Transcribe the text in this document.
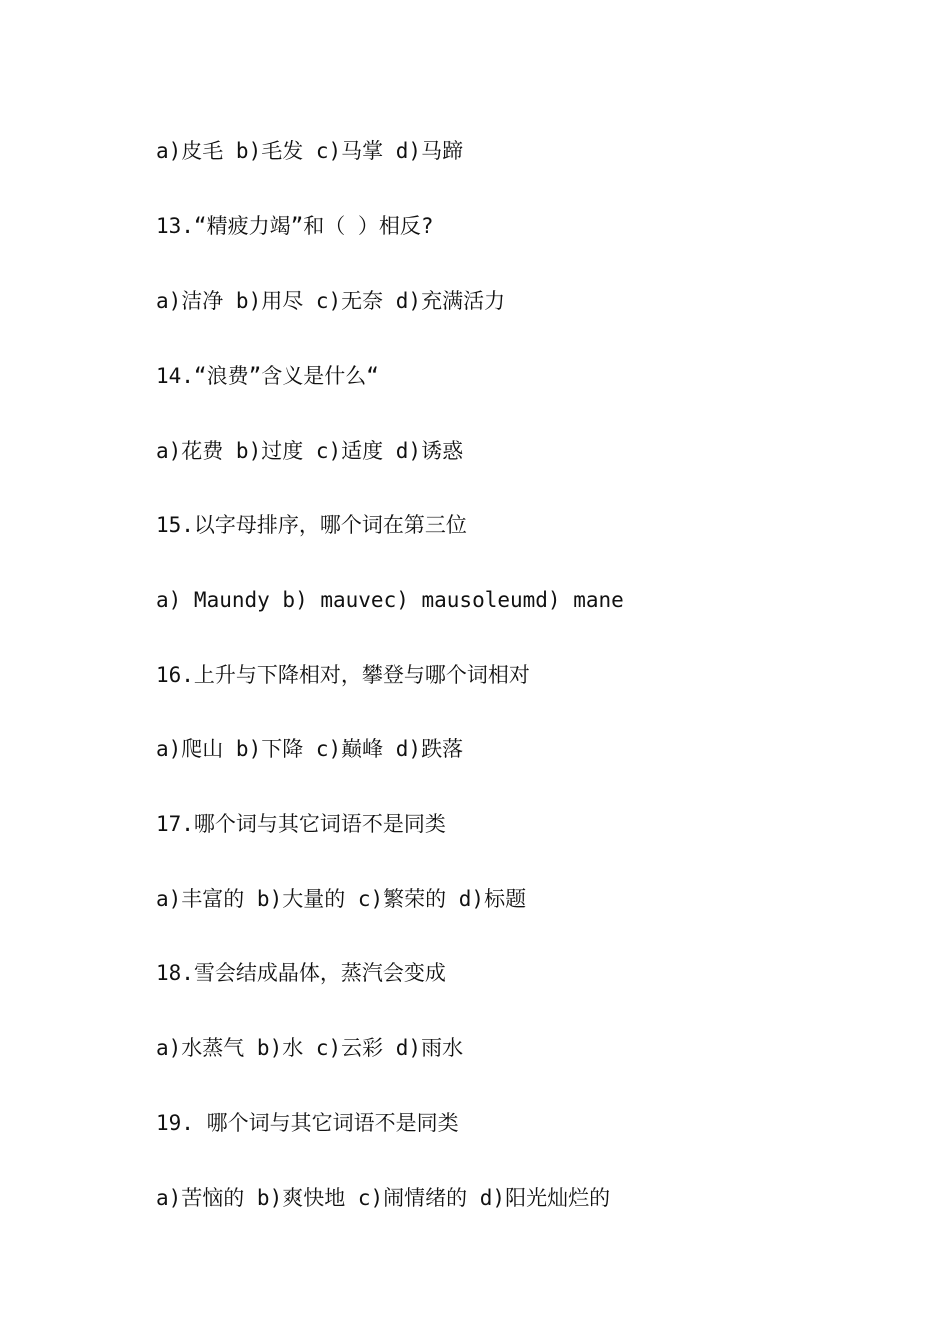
a)皮毛 b)毛发 c)马掌 d)马蹄
13.“精疲力竭”和（ ）相反?
a)洁净 b)用尽 c)无奈 d)充满活力
14.“浪费”含义是什么“
a)花费 b)过度 c)适度 d)诱惑
15.以字母排序，哪个词在第三位
a) Maundy b) mauvec) mausoleumd) mane
16.上升与下降相对，攀登与哪个词相对
a)爬山 b)下降 c)巅峰 d)跌落
17.哪个词与其它词语不是同类
a)丰富的 b)大量的 c)繁荣的 d)标题
18.雪会结成晶体，蒸汽会变成
a)水蒸气 b)水 c)云彩 d)雨水
19. 哪个词与其它词语不是同类
a)苦恼的 b)爽快地 c)闹情绪的 d)阳光灿烂的
